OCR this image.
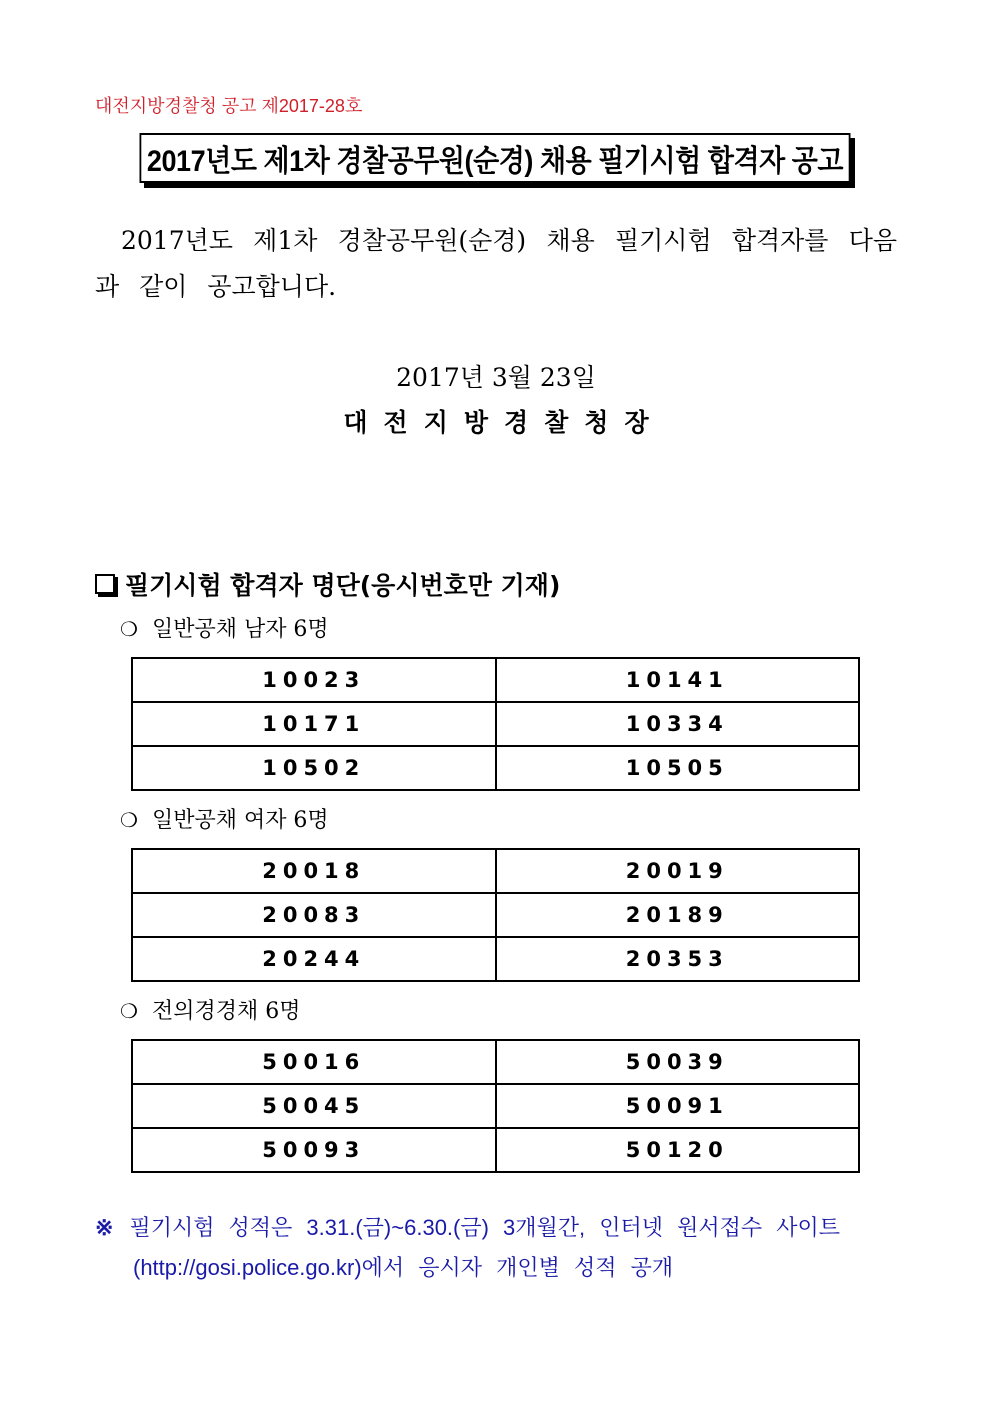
대전지방경찰청 공고 제2017-28호
2017년도 제1차 경찰공무원(순경) 채용 필기시험 합격자 공고
2017년도 제1차 경찰공무원(순경) 채용 필기시험 합격자를 다음과 같이 공고합니다.
2017년 3월 23일
대전지방경찰청장
필기시험 합격자 명단(응시번호만 기재)
❍ 일반공채 남자 6명
10023	10141
10171	10334
10502	10505
❍ 일반공채 여자 6명
20018	20019
20083	20189
20244	20353
❍ 전의경경채 6명
50016	50039
50045	50091
50093	50120
※ 필기시험 성적은 3.31.(금)~6.30.(금) 3개월간, 인터넷 원서접수 사이트
(http://gosi.police.go.kr)에서 응시자 개인별 성적 공개
